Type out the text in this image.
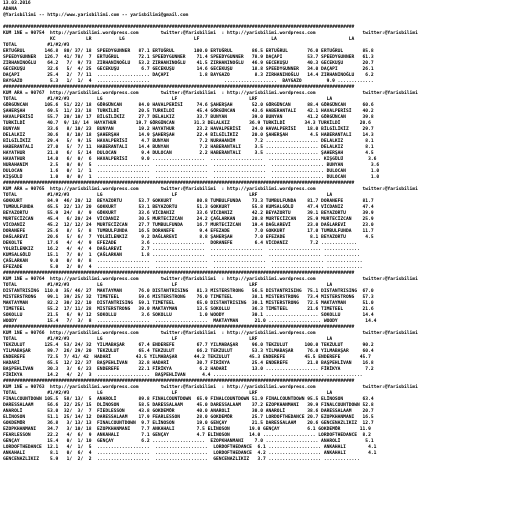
13.03.2016
ADANA
@Yarisbilimi -- http://www.yarisbilimi.com -- yarisbilimi@gmail.com

###############################################################################################################################
KUM 1NE = 90754  http://yarisbilimi.wordpress.com        twitter:@Yarisbilimi  : http://yarisbilimi.wordpress.com                 twitter:@Yarisbilimi
KC           LR          LG                         LF                          LA                          LA
TOTAL           #1/#2/#3
ERTUĞRUL       146.8  80/ 37/ 18  SPEEDYGUNNER   87.1 ERTUĞRUL       100.0 ERTUĞRUL       86.5 ERTUĞRUL       76.0 ERTUĞRUL       85.8
SPEEDYGUNNER   126.7  41/ 78/  7  ERTUĞRUL       72.1 SPEEDYGUNNER    71.4 SPEEDYGUNNER   78.9 DAÇAPI         53.7 SPEEDYGUNNER   61.3
ZIRHANINOĞLU    64.2   7/  9/ 73  ZIRHANINOĞLU   53.2 ZIRHANINOĞLU    41.5 ZIRHANINOĞLU   46.9 GECEKUŞU       40.3 GECEKUŞU       20.7
GECEKUŞU        32.6   5/  4/ 25  GECEKUŞU        6.7 GECEKUŞU        14.6 GECEKUŞU       18.8 SPEEDYGUNNER   34.0 DAÇAPI         26.1
DAÇAPI          25.4   2/  7/ 11  ................... DAÇAPI           1.8 BAYGAZO         8.3 ZIRHANINOĞLU   14.4 ZIRHANINOĞLU    6.2
BAYGAZO          5.3   1/  1/  4  ...................                           ...................  BAYGAZO         9.9 .............
###############################################################################################################################
KUM ARA = 90767  http://yarisbilimi.wordpress.com        twitter:@Yarisbilimi  : http://yarisbilimi.wordpress.com                 twitter:@Yarisbilimi
TOTAL           #1/#2/#3          LG                         LF                          LRF                         LA
GÖRGÜNCAN      105.6  51/ 22/ 18  GÖRGÜNCAN      84.0 HAVALPERİSİ     74.6 ŞAHERŞAH       52.0 GÖRGÜNCAN      88.4 GÖRGÜNCAN      60.6
ŞAHERŞAH        69.5  11/ 23/ 18  TURKİLDİ       20.5 TURKİLDİ        45.4 GÖRGÜNCAN      43.6 HABERANTALI    42.1 HAVALPERİSİ    40.2
HAVALPERİSİ     55.7  20/ 10/ 17  BİLGİLİKİZ     27.7 DELALKIZ        33.7 BUNYAN         39.0 BUNYAN         41.2 GÖRGÜNCAN      39.8
TURKİLDİ        40.7  9/ 18/ 14  HAYATHUR       19.7 GÖRGÜNCAN       31.3 DELALKIZ       36.9 TURKİLDİ       34.3 TURKİLDİ       20.6
BUNYAN          33.6   8/ 10/ 23  BUNYAN         19.2 HAYATHUR        23.2 HAVALPERİSİ    24.0 HAVALPERİSİ    18.0 BİLGİLİKİZ     29.7
DELALKIZ        30.6   8/ 10/ 18  ŞAHERŞAH       14.9 ŞAHERŞAH        22.4 BİLGİLİKİZ     20.0 ŞAHERŞAH        4.5 HABERANTALI    14.3
BİLGİLİKİZ      29.4   5/  9/ 15  HAVALPERİSİ     4.7 BUNYAN           7.2 NURAHANIM       7.2 ................... DELALKIZ        8.1
HABERANTALI     27.0   5/  7/ 11  HABERANTALI    14.4 BUNYAN           7.2 HABERANTALI     3.5 ................... DELALKIZ        8.1
HAYATHUR        21.8   6/  5/ 14  DULOCAN         9.4 DULOCAN          2.2 HABERANTALI     3.5 ................... ŞAHERŞAH        4.5
HAVATHUR        14.0   6/  0/  6  HAVALPERİSİ     9.0 ...................  ...................  ................... KIŞGÜLÜ         3.6
NURAHANIM        2.5   0/  0/  5  ...................  ...................  ...................  ................... BUNYAN          3.6
DULOCAN          1.6   0/  1/  1  ...................  ...................  ...................  ................... DULOCAN         1.0
KIŞGÜLÜ          1.0   0/  0/  1  ...................  ...................  ...................  ................... DULOCAN         1.0
###############################################################################################################################
KUM ARA = 90765  http://yarisbilimi.wordpress.com        twitter:@Yarisbilimi  : http://yarisbilimi.wordpress.com                 twitter:@Yarisbilimi
TOTAL           #1/#2/#3          LG                         LF                          LRF                         LA
GOKKURT         84.9  46/ 20/ 12  BEYAZORTU      53.7 GOKKURT         80.8 TUMBULFUNDA    73.3 TUMBULFUNDA    81.7 DORANEFE       81.7
TUMBULFUNDA     65.5  22/ 13/ 20  GOKKURT        53.1 BEYAZORTU       51.3 GOKKURT        55.8 KUMSALGÖLÜ     47.4 VİCDANIZ       47.4
BEYAZORTU       55.9  24/  8/  9  GÖKKURT        33.6 VİCDANIZ        33.6 VİCDANIZ       42.2 BEYAZORTU      39.1 BEYAZORTU      39.9
MURTECİZCAN     45.4   6/ 20/ 24  VİCDANIZ       30.5 MURTECİZCAN     24.2 ÇAĞLARKAN      20.8 MURTECİZCAN    25.9 MURTECİZCAN    25.9
VİCDANIZ        45.2  12/ 12/ 24  MURTECİZCAN    27.7 TUMBULFUNDA     16.7 MURTECİZCAN    19.4 DAĞLAREVİ      23.0 DAĞLAREVİ      23.0
DORANEFE        25.6   8/  5/  8  TUMBULFUNDA    16.5 DORANEFE         9.4 EFEZADE         7.0 GOKKURT        17.0 TUMBULFUNDA    11.7
DAĞLAREVİ       20.6   5/  6/  7  YOLBİLENKIZ     9.2 DAĞLAREVİ        8.8 ŞAHERŞAH        7.0 EFEZADE         8.1 BEYAZORTU       4.5
DEKOLTE         17.6   4/  4/  9  EFEZADE         3.6 ...................  DORANEFE        6.4 VİCDANIZ        7.2 .............
YOLBİLENKIZ     16.2   4/  4/  4  DAĞLAREVİ       2.7 ...................  ...................  ................... .............
KUMSALGÖLÜ      15.1   7/  0/  1  ÇAĞLARKAN       1.8 ...................  ...................  ................... .............
ÇAĞLARKAN        9.0   0/  0/  8  ...................  ...................  ...................  ................... .............
EFEZADE          5.0   2/  0/  4  ...................  ...................  ...................  ................... .............
###############################################################################################################################
KUM 1NE = 90764  http://yarisbilimi.wordpress.com        twitter:@Yarisbilimi  : http://yarisbilimi.wordpress.com                 twitter:@Yarisbilimi
TOTAL           #1/#2/#3          LG                         LF                          LRF                         LA
DISTANTRISING  110.0  35/ 46/ 27  MAKTAYMAN      76.0 DISTANTRISING   81.3 MISTERSTRONG   56.5 DISTANTRISING  75.1 DISTANTRISING  67.0
MISTERSTRONG    99.1  39/ 25/ 32  TIMETEEL       59.6 MISTERSTRONG    76.0 TIMETEEL       38.1 MISTERSTRONG   73.4 MISTERSTRONG   57.3
MAKTAYMAN       82.2  30/ 22/ 10  DISTANTRISING  59.1 TIMETEEL        65.0 DISTANTRISING  30.1 MISTERSTRONG   72.5 MAKTAYMAN      51.0
TIMETEEL        55.2  17/ 11/ 28  MISTERSTRONG   39.0 MAKTAYMAN       13.5 SOKOLLU        36.3 TIMETEEL       21.6 TIMETEEL       21.6
SOKOLLU         21.5   6/  9/ 12  SOKOLLU         3.6 SOKOLLU          1.0 WOODY          30.1 ................... SOKOLLU        14.4
WOODY           15.4   7/  3/  8  ...................  ...................  MAKTAYMAN      21.0 ................... WOODY          14.4
###############################################################################################################################
KUM 1NE = 90766  http://yarisbilimi.wordpress.com        twitter:@Yarisbilimi  : http://yarisbilimi.wordpress.com                 twitter:@Yarisbilimi
TOTAL           #1/#2/#3          LG                         LF                          LRF                         LA
TEKZULUT       125.4  53/ 24/ 32  YILMABAŞAR     67.4 ENDEREFE        67.7 YILMABAŞAR     96.0 TEKZULUT      100.0 TEKZULUT       90.2
YILMABAŞAR      89.7  26/ 29/ 20  TEKZULUT       65.4 TEKZULUT        66.2 TEKZULUT       53.3 YILMABAŞAR     76.0 YILMABAŞAR     60.4
ENDEREFE        72.5  7/ 41/ 42  HADARİ         43.5 YILMABAŞAR      44.2 TEKZULUT       45.3 ENDEREFE       45.5 ENDEREFE       45.7
HADARİ          65.5  12/ 22/ 37  BAŞPEHLİVAN    32.8 HADARİ          30.7 FİRİKYA        25.4 ENDEREFE       21.8 BAŞPEHLİVAN    16.8
BAŞPEHLİVAN     30.3   3/  6/ 23  ENDEREFE       22.1 FİRİKYA          6.2 HADARİ         13.0 ................... FİRİKYA         7.2
FİRİKYA         14.2   4/  2/  3  ...................  BAŞPEHLİVAN      4.4 ...................  ................... .............
###############################################################################################################################
KUM 1NE = 90763  http://yarisbilimi.wordpress.com        twitter:@Yarisbilimi  : http://yarisbilimi.wordpress.com                 twitter:@Yarisbilimi
TOTAL           #1/#2/#3          LG                         LF                          LRF                         LA
FINALCOUNTDOWN 105.5  58/ 13/  5  ANAROLİ        89.8 FINALCOUNTDOWN  65.9 FINALCOUNTDOWN 51.9 FINALCOUNTDOWN 95.5 ELİNOSON       63.4
DARESSALAAM     56.6  22/ 25/ 15  DLİNOSON       58.5 DARESSALAAM     45.0 DARESSALAAM    37.2 EZOPKHANMANI   39.9 FINALCOUNTDOWN 52.8
ANAROLİ         53.0  32/  3/  7  FİEDLESSON     43.8 GOKDEMÖR        40.0 ANAROLİ        30.0 ANAROLİ        38.6 DARESSALAAM    20.7
ELİNOSON        51.1  25/ 14/ 12  DARESSALAAM    17.9 FEARLESSON      28.0 GOKDEMÖR       25.7 LORDOFTHEDANCE 20.7 EZOPKHANMANI   16.5
GOKDEMÖR        36.8   3/ 13/ 13  FINALCOUNTDOWN  9.7 ELİNOSON        19.0 GENÇAY         21.5 DARESSALAAM    20.6 GENCENAZLIKIZ  12.7
EZOPKHANMANI    34.7   3/ 10/ 18  EZOPKHANMANI    7.7 ANKAHALI        7.5 ELİNOSON       19.0 GENÇAY          6.1 GOKDEMÖR       11.9
FEARLESSON      22.2   4/  6/  9  ANKAHALI        7.1 GENÇAY          4.7 ELİNOSON       14.0 ................... LORDOFTHEDANCE  8.2
GENÇAY          15.4   0/  1/ 10  GENÇAY          6.2 ...................  EZOPKHANMANI    7.0 ................... ANAROLİ         5.1
LORDOFTHEDANCE  12.1   4/  1/  5  ...................  ...................  LORDOFTHEDANCE  6.1 ................... ANKAHALI        4.1
ANKAHALI         8.1   0/  6/  4  ...................  ...................  LORDOFTHEDANCE  4.2 ................... ANKAHALI        4.1
GENCENAZLIKIZ    5.9   1/  2/  2  ...................  ...................  GENCENAZLIKIZ   3.7 ................... .............
